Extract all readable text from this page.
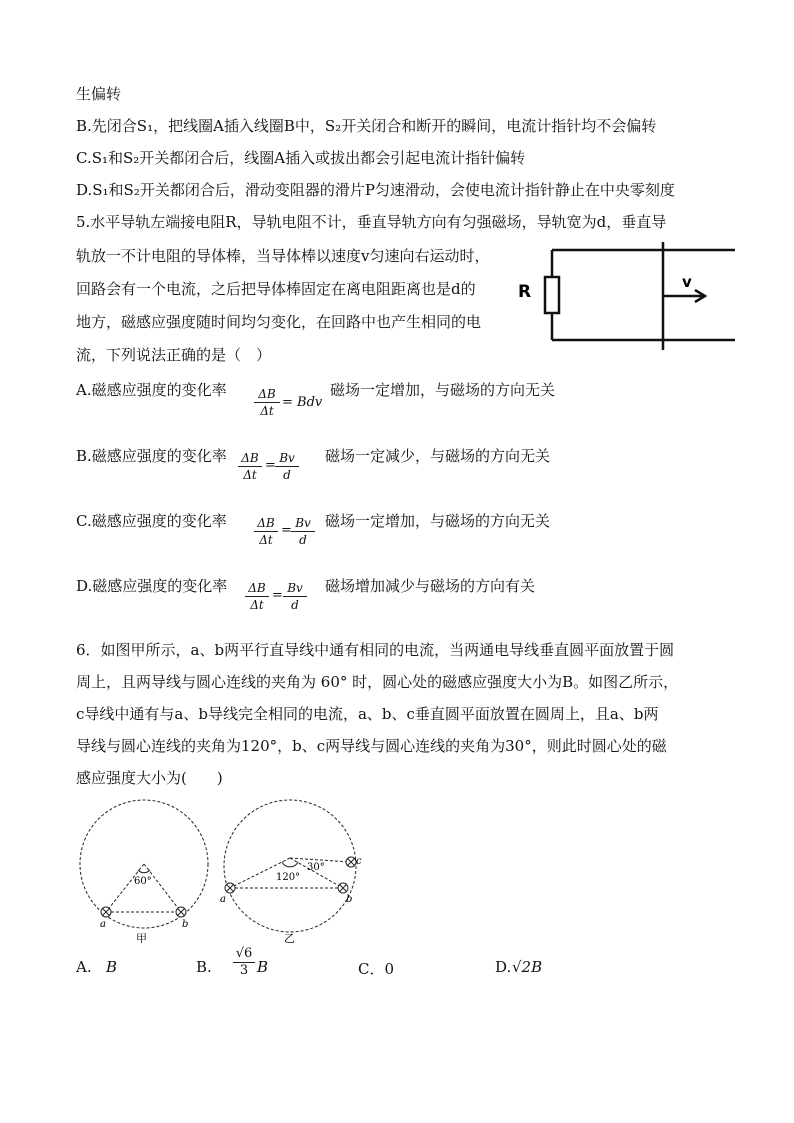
生偏转
B.先闭合S₁，把线圈A插入线圈B中，S₂开关闭合和断开的瞬间，电流计指针均不会偏转
C.S₁和S₂开关都闭合后，线圈A插入或拔出都会引起电流计指针偏转
D.S₁和S₂开关都闭合后，滑动变阻器的滑片P匀速滑动，会使电流计指针静止在中央零刻度
5.水平导轨左端接电阻R，导轨电阻不计，垂直导轨方向有匀强磁场，导轨宽为d，垂直导
轨放一不计电阻的导体棒，当导体棒以速度v匀速向右运动时，
回路会有一个电流，之后把导体棒固定在离电阻距离也是d的
地方，磁感应强度随时间均匀变化，在回路中也产生相同的电
流，下列说法正确的是（　）
R	v
A.磁感应强度的变化率 $\frac{\Delta B}{\Delta t}$ = Bdv
磁场一定增加，与磁场的方向无关
B.磁感应强度的变化率 $\frac{\Delta B}{\Delta t} = \frac{Bv}{d}$ 磁场一定减少，与磁场的方向无关
C.磁感应强度的变化率 $\frac{\Delta B}{\Delta t} = \frac{Bv}{d}$ 磁场一定增加，与磁场的方向无关
D.磁感应强度的变化率 $\frac{\Delta B}{\Delta t} = \frac{Bv}{d}$ 磁场增加减少与磁场的方向有关
6．如图甲所示，a、b两平行直导线中通有相同的电流，当两通电导线垂直圆平面放置于圆
周上，且两导线与圆心连线的夹角为 60° 时，圆心处的磁感应强度大小为B。如图乙所示，
c导线中通有与a、b导线完全相同的电流，a、b、c垂直圆平面放置在圆周上，且a、b两
导线与圆心连线的夹角为120°，b、c两导线与圆心连线的夹角为30°，则此时圆心处的磁
感应强度大小为(　　)
60°
a	b
甲
120°
30°
a	b
c
乙
A. B	B. $\frac{√6}{3}$ B	C．0	D. √2B
